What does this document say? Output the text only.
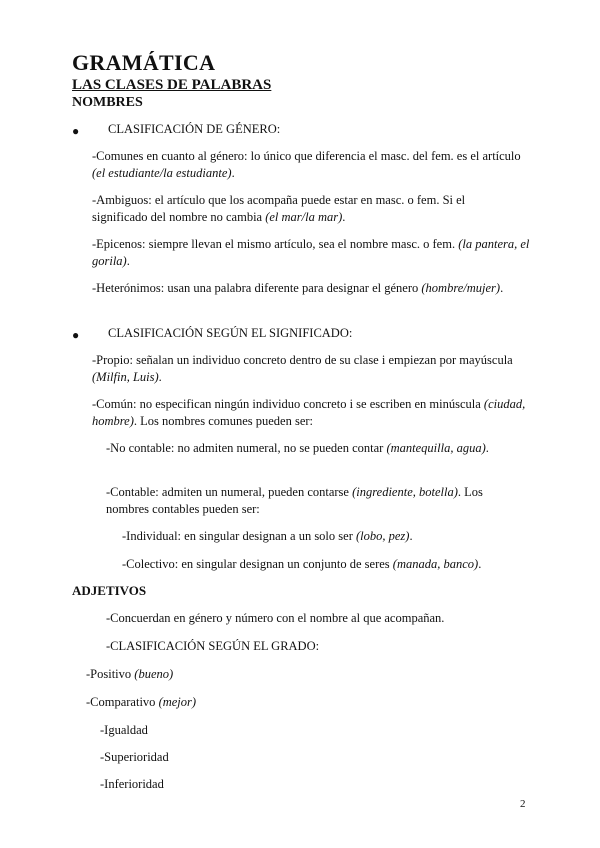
GRAMÁTICA
LAS CLASES DE PALABRAS
NOMBRES
● CLASIFICACIÓN DE GÉNERO:
-Comunes en cuanto al género: lo único que diferencia el masc. del fem. es el artículo (el estudiante/la estudiante).
-Ambiguos: el artículo que los acompaña puede estar en masc. o fem. Si el significado del nombre no cambia (el mar/la mar).
-Epicenos: siempre llevan el mismo artículo, sea el nombre masc. o fem. (la pantera, el gorila).
-Heterónimos: usan una palabra diferente para designar el género (hombre/mujer).
● CLASIFICACIÓN SEGÚN EL SIGNIFICADO:
-Propio: señalan un individuo concreto dentro de su clase i empiezan por mayúscula (Milfin, Luis).
-Común: no especifican ningún individuo concreto i se escriben en minúscula (ciudad, hombre). Los nombres comunes pueden ser:
-No contable: no admiten numeral, no se pueden contar (mantequilla, agua).
-Contable: admiten un numeral, pueden contarse (ingrediente, botella). Los nombres contables pueden ser:
-Individual: en singular designan a un solo ser (lobo, pez).
-Colectivo: en singular designan un conjunto de seres (manada, banco).
ADJETIVOS
-Concuerdan en género y número con el nombre al que acompañan.
-CLASIFICACIÓN SEGÚN EL GRADO:
-Positivo (bueno)
-Comparativo (mejor)
-Igualdad
-Superioridad
-Inferioridad
2
